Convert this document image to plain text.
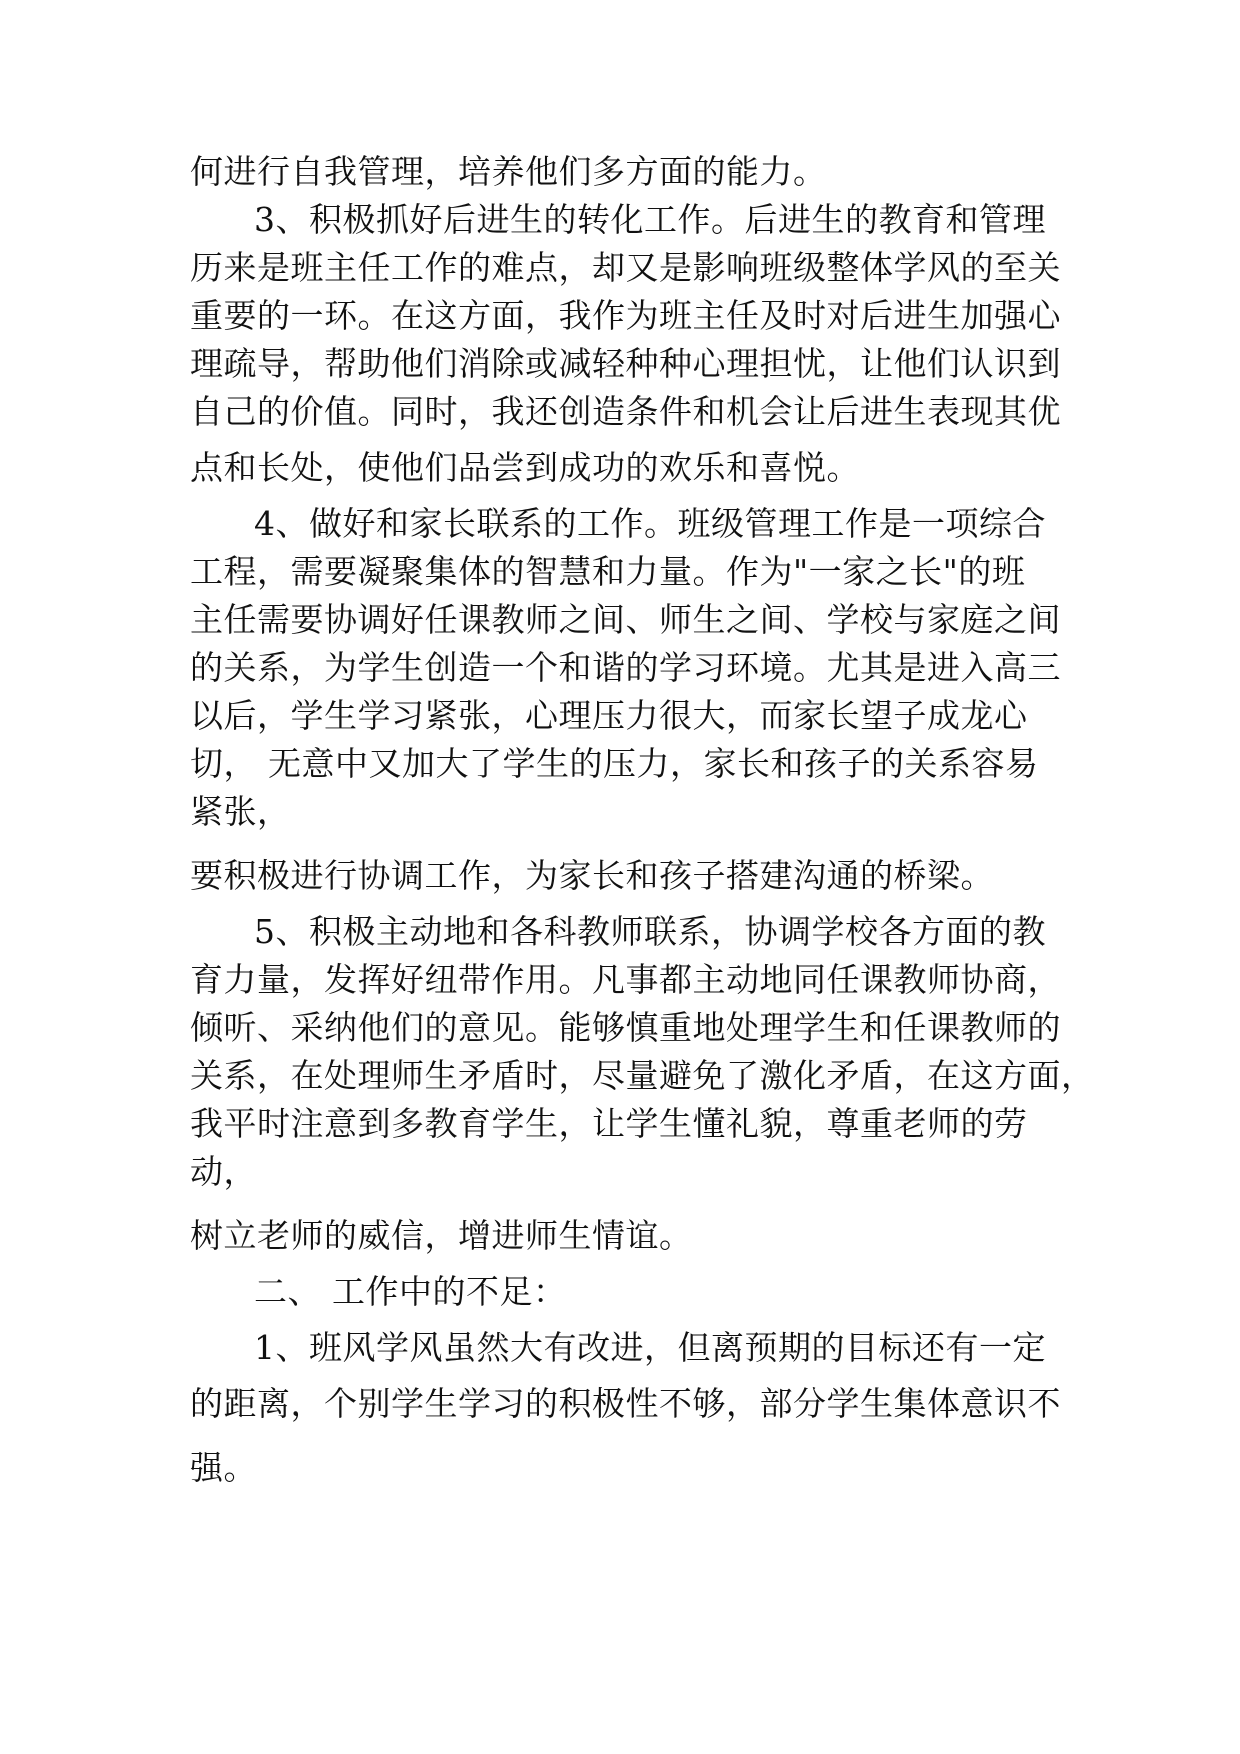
何进行自我管理，培养他们多方面的能力。
3、积极抓好后进生的转化工作。后进生的教育和管理
历来是班主任工作的难点，却又是影响班级整体学风的至关
重要的一环。在这方面，我作为班主任及时对后进生加强心
理疏导，帮助他们消除或减轻种种心理担忧，让他们认识到
自己的价值。同时，我还创造条件和机会让后进生表现其优
点和长处，使他们品尝到成功的欢乐和喜悦。
4、做好和家长联系的工作。班级管理工作是一项综合
工程，需要凝聚集体的智慧和力量。作为"一家之长"的班
主任需要协调好任课教师之间、师生之间、学校与家庭之间
的关系，为学生创造一个和谐的学习环境。尤其是进入高三
以后，学生学习紧张，心理压力很大，而家长望子成龙心
切， 无意中又加大了学生的压力，家长和孩子的关系容易
紧张，
要积极进行协调工作，为家长和孩子搭建沟通的桥梁。
5、积极主动地和各科教师联系，协调学校各方面的教
育力量，发挥好纽带作用。凡事都主动地同任课教师协商，
倾听、采纳他们的意见。能够慎重地处理学生和任课教师的
关系，在处理师生矛盾时，尽量避免了激化矛盾，在这方面，
我平时注意到多教育学生，让学生懂礼貌，尊重老师的劳
动，
树立老师的威信，增进师生情谊。
二、 工作中的不足：
1、班风学风虽然大有改进，但离预期的目标还有一定
的距离，个别学生学习的积极性不够，部分学生集体意识不
强。
